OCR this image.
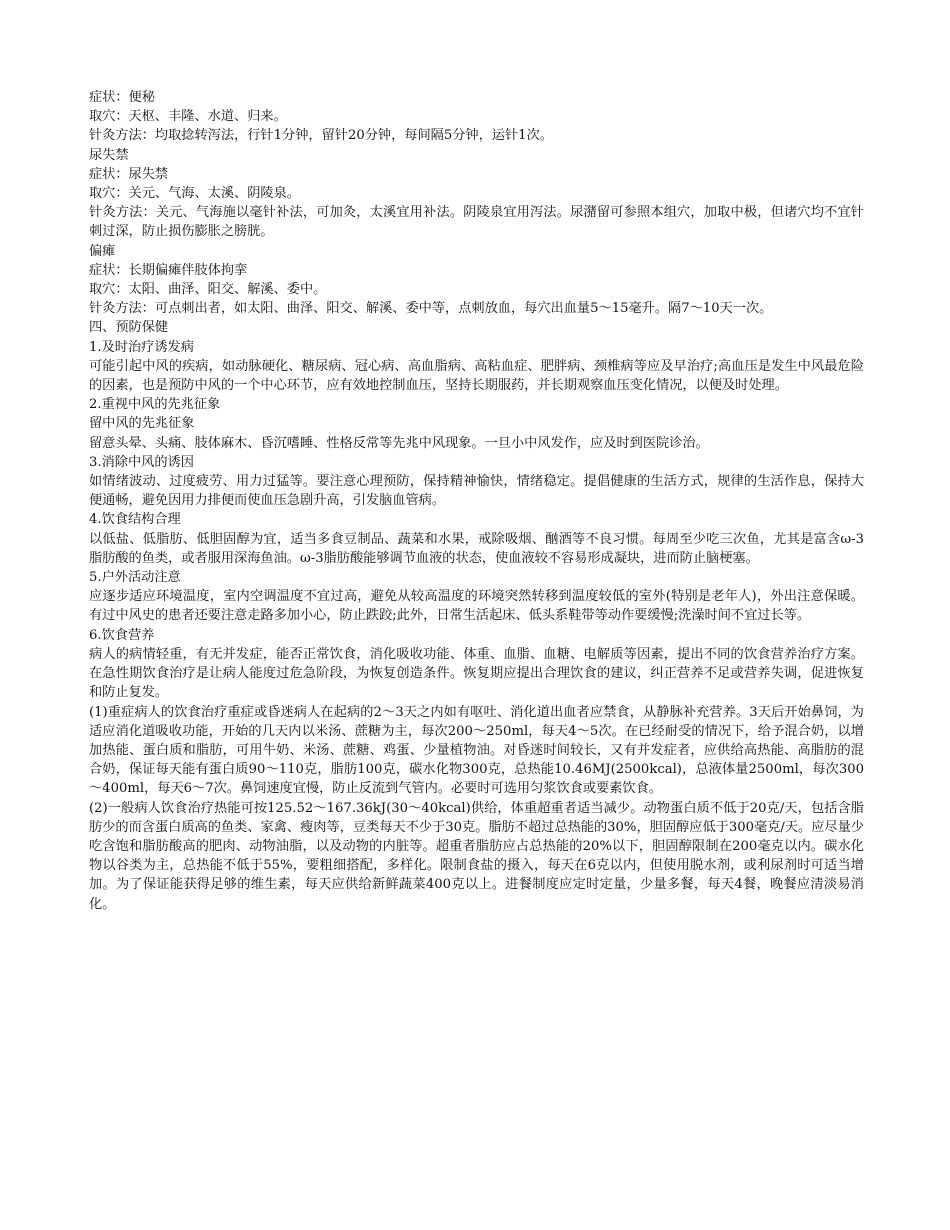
症状：便秘

取穴：天枢、丰隆、水道、归来。

针灸方法：均取捻转泻法，行针1分钟，留针20分钟，每间隔5分钟，运针1次。

尿失禁

症状：尿失禁

取穴：关元、气海、太溪、阴陵泉。

针灸方法：关元、气海施以毫针补法，可加灸，太溪宜用补法。阴陵泉宜用泻法。尿潴留可参照本组穴，加取中极，但诸穴均不宜针刺过深，防止损伤膨胀之膀胱。

偏瘫

症状：长期偏瘫伴肢体拘挛

取穴：太阳、曲泽、阳交、解溪、委中。

针灸方法：可点刺出者，如太阳、曲泽、阳交、解溪、委中等，点刺放血，每穴出血量5～15毫升。隔7～10天一次。

四、预防保健

1.及时治疗诱发病

可能引起中风的疾病，如动脉硬化、糖尿病、冠心病、高血脂病、高粘血症、肥胖病、颈椎病等应及早治疗;高血压是发生中风最危险的因素，也是预防中风的一个中心环节，应有效地控制血压，坚持长期服药，并长期观察血压变化情况，以便及时处理。

2.重视中风的先兆征象

留中风的先兆征象

留意头晕、头痛、肢体麻木、昏沉嗜睡、性格反常等先兆中风现象。一旦小中风发作，应及时到医院诊治。

3.消除中风的诱因

如情绪波动、过度疲劳、用力过猛等。要注意心理预防，保持精神愉快，情绪稳定。提倡健康的生活方式，规律的生活作息，保持大便通畅，避免因用力排便而使血压急剧升高，引发脑血管病。

4.饮食结构合理

以低盐、低脂肪、低胆固醇为宜，适当多食豆制品、蔬菜和水果，戒除吸烟、酗酒等不良习惯。每周至少吃三次鱼，尤其是富含ω-3脂肪酸的鱼类，或者服用深海鱼油。ω-3脂肪酸能够调节血液的状态，使血液较不容易形成凝块，进而防止脑梗塞。

5.户外活动注意

应逐步适应环境温度，室内空调温度不宜过高，避免从较高温度的环境突然转移到温度较低的室外(特别是老年人)，外出注意保暖。有过中风史的患者还要注意走路多加小心，防止跌跤;此外，日常生活起床、低头系鞋带等动作要缓慢;洗澡时间不宜过长等。

6.饮食营养

病人的病情轻重，有无并发症，能否正常饮食，消化吸收功能、体重、血脂、血糖、电解质等因素，提出不同的饮食营养治疗方案。在急性期饮食治疗是让病人能度过危急阶段，为恢复创造条件。恢复期应提出合理饮食的建议，纠正营养不足或营养失调，促进恢复和防止复发。

(1)重症病人的饮食治疗重症或昏迷病人在起病的2～3天之内如有呕吐、消化道出血者应禁食，从静脉补充营养。3天后开始鼻饲，为适应消化道吸收功能，开始的几天内以米汤、蔗糖为主，每次200～250ml，每天4～5次。在已经耐受的情况下，给予混合奶，以增加热能、蛋白质和脂肪，可用牛奶、米汤、蔗糖、鸡蛋、少量植物油。对昏迷时间较长，又有并发症者，应供给高热能、高脂肪的混合奶，保证每天能有蛋白质90～110克，脂肪100克，碳水化物300克，总热能10.46MJ(2500kcal)，总液体量2500ml，每次300～400ml，每天6～7次。鼻饲速度宜慢，防止反流到气管内。必要时可选用匀浆饮食或要素饮食。

(2)一般病人饮食治疗热能可按125.52～167.36kJ(30～40kcal)供给，体重超重者适当减少。动物蛋白质不低于20克/天，包括含脂肪少的而含蛋白质高的鱼类、家禽、瘦肉等，豆类每天不少于30克。脂肪不超过总热能的30%，胆固醇应低于300毫克/天。应尽量少吃含饱和脂肪酸高的肥肉、动物油脂，以及动物的内脏等。超重者脂肪应占总热能的20%以下，胆固醇限制在200毫克以内。碳水化物以谷类为主，总热能不低于55%，要粗细搭配，多样化。限制食盐的摄入，每天在6克以内，但使用脱水剂，或利尿剂时可适当增加。为了保证能获得足够的维生素，每天应供给新鲜蔬菜400克以上。进餐制度应定时定量，少量多餐，每天4餐，晚餐应清淡易消化。
